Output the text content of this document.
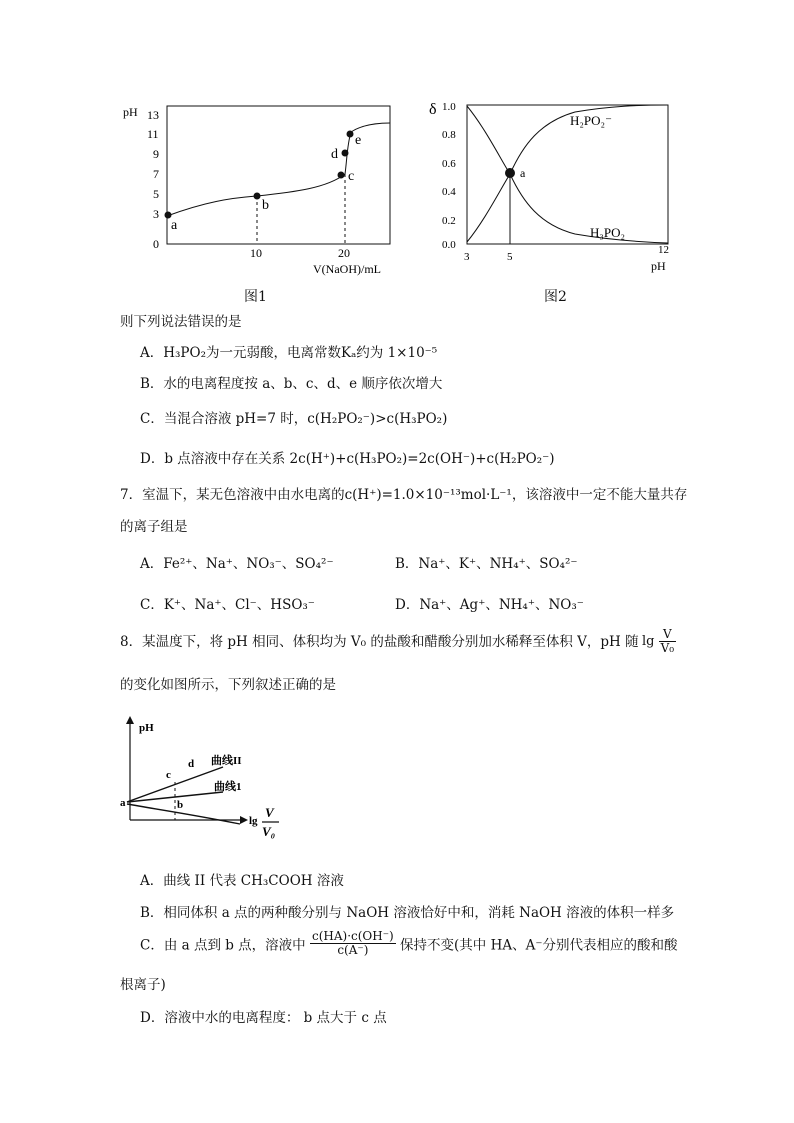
pH 13
11
9
7
5
3
0
a
b
c
d
e
10	20
V(NaOH)/mL
图1
δ 1.0
0.8
0.6
0.4
0.2
0.0
a
H₂PO₂⁻
H₃PO₂
3	5
12
pH
图2
则下列说法错误的是
A．H₃PO₂为一元弱酸，电离常数Kₐ约为 1×10⁻⁵
B．水的电离程度按 a、b、c、d、e 顺序依次增大
C．当混合溶液 pH=7 时，c(H₂PO₂⁻)>c(H₃PO₂)
D．b 点溶液中存在关系 2c(H⁺)+c(H₃PO₂)=2c(OH⁻)+c(H₂PO₂⁻)
7．室温下，某无色溶液中由水电离的c(H⁺)=1.0×10⁻¹³mol·L⁻¹，该溶液中一定不能大量共存
的离子组是
A．Fe²⁺、Na⁺、NO₃⁻、SO₄²⁻	B．Na⁺、K⁺、NH₄⁺、SO₄²⁻
C．K⁺、Na⁺、Cl⁻、HSO₃⁻	D．Na⁺、Ag⁺、NH₄⁺、NO₃⁻
8．某温度下，将 pH 相同、体积均为 V₀ 的盐酸和醋酸分别加水稀释至体积 V，pH 随 $\lg \frac{V}{\text{V₀}}$
的变化如图所示，下列叙述正确的是
pH
a
c
d
b
曲线II
曲线1
lg
V
V₀
A．曲线 II 代表 CH₃COOH 溶液
B．相同体积 a 点的两种酸分别与 NaOH 溶液恰好中和，消耗 NaOH 溶液的体积一样多
C．由 a 点到 b 点，溶液中 $\frac{c(HA)\cdot c(OH^-)}{c(A^-)}$ 保持不变(其中 HA、A⁻分别代表相应的酸和酸
根离子)
D．溶液中水的电离程度： b 点大于 c 点
